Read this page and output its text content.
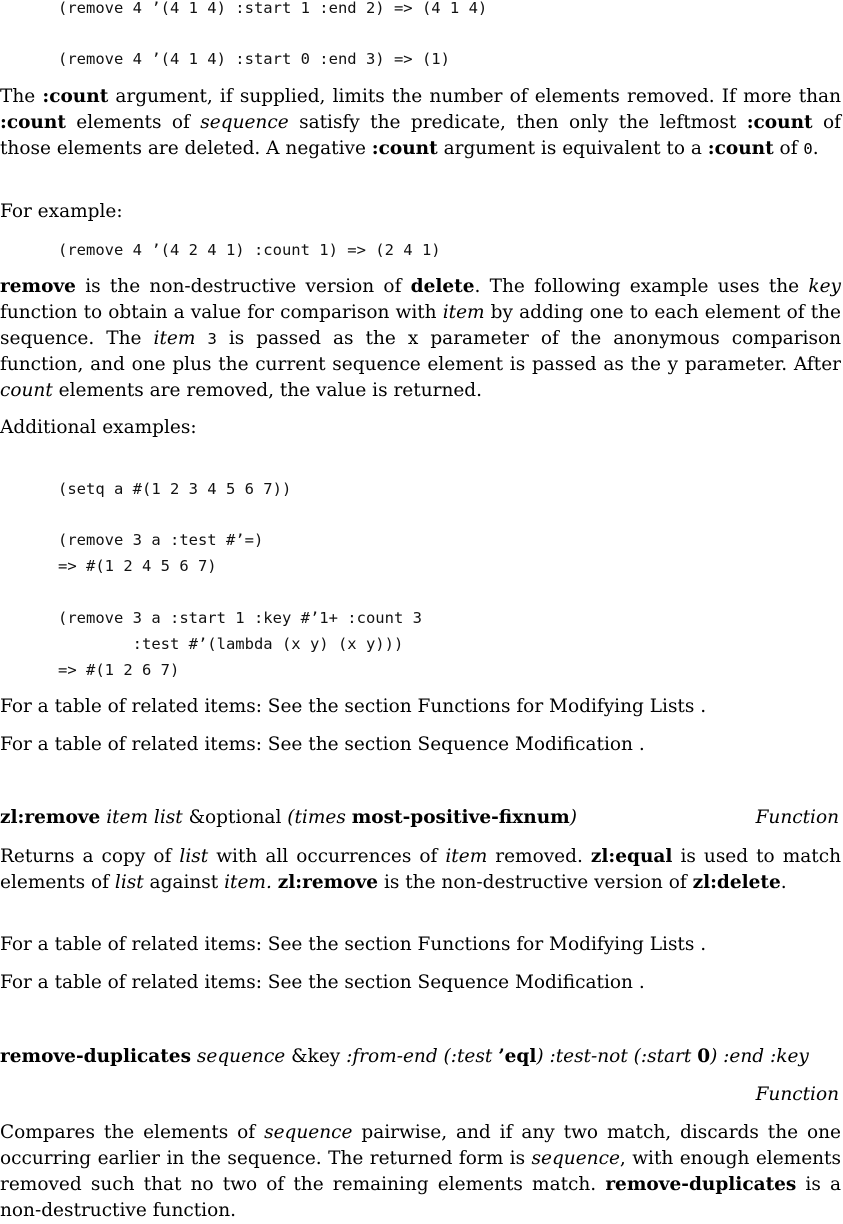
(remove 4 ’(4 1 4) :start 1 :end 2) => (4 1 4)
(remove 4 ’(4 1 4) :start 0 :end 3) => (1)

The :count argument, if supplied, limits the number of elements removed. If more than :count elements of sequence satisfy the predicate, then only the leftmost :count of those elements are deleted. A negative :count argument is equivalent to a :count of 0.

For example:

(remove 4 ’(4 2 4 1) :count 1) => (2 4 1)

remove is the non-destructive version of delete. The following example uses the key function to obtain a value for comparison with item by adding one to each element of the sequence. The item 3 is passed as the x parameter of the anonymous comparison function, and one plus the current sequence element is passed as the y parameter. After count elements are removed, the value is returned.

Additional examples:

(setq a #(1 2 3 4 5 6 7))
(remove 3 a :test #’=)
=> #(1 2 4 5 6 7)
(remove 3 a :start 1 :key #’1+ :count 3
:test #’(lambda (x y) (x y)))
=> #(1 2 6 7)

For a table of related items: See the section Functions for Modifying Lists .

For a table of related items: See the section Sequence Modification .

zl:remove item list &optional (times most-positive-fixnum)	Function

Returns a copy of list with all occurrences of item removed. zl:equal is used to match elements of list against item. zl:remove is the non-destructive version of zl:delete.

For a table of related items: See the section Functions for Modifying Lists .

For a table of related items: See the section Sequence Modification .

remove-duplicates sequence &key :from-end (:test ’eql) :test-not (:start 0) :end :key

Function

Compares the elements of sequence pairwise, and if any two match, discards the one occurring earlier in the sequence. The returned form is sequence, with enough elements removed such that no two of the remaining elements match. remove-duplicates is a non-destructive function.
